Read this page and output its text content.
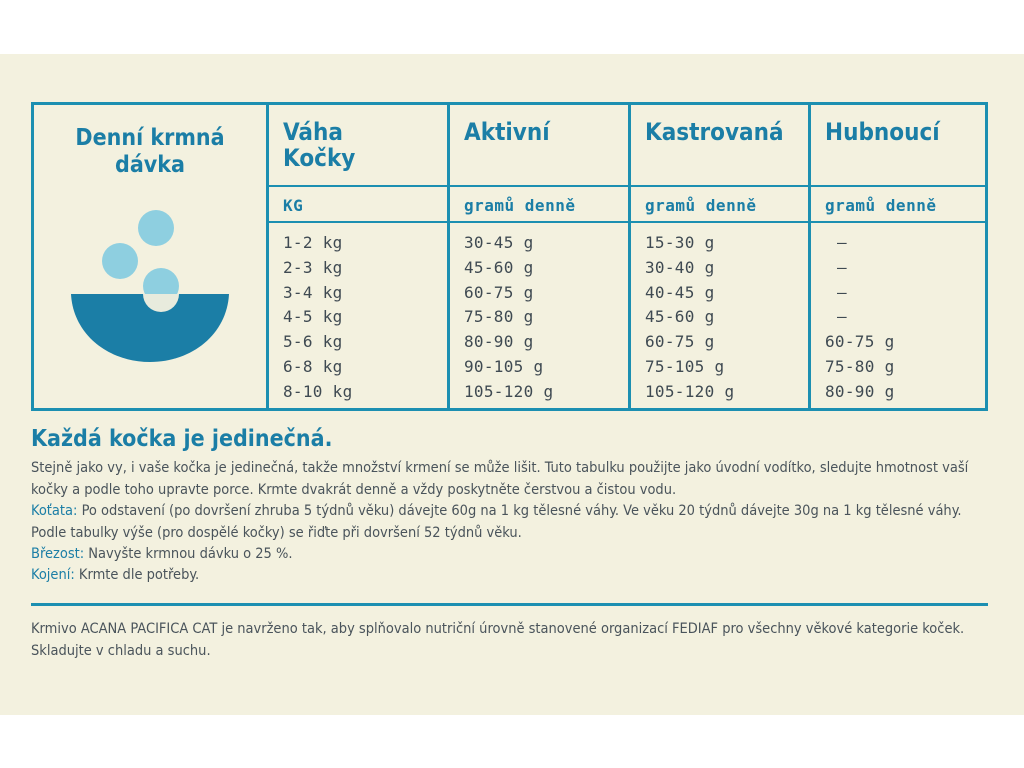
Denní krmná
dávka
Váha
Kočky
KG
1-2 kg
2-3 kg
3-4 kg
4-5 kg
5-6 kg
6-8 kg
8-10 kg
Aktivní
gramů denně
30-45 g
45-60 g
60-75 g
75-80 g
80-90 g
90-105 g
105-120 g
Kastrovaná
gramů denně
15-30 g
30-40 g
40-45 g
45-60 g
60-75 g
75-105 g
105-120 g
Hubnoucí
gramů denně
—
—
—
—
60-75 g
75-80 g
80-90 g
Každá kočka je jedinečná.
Stejně jako vy, i vaše kočka je jedinečná, takže množství krmení se může lišit. Tuto tabulku použijte jako úvodní vodítko, sledujte hmotnost vaší kočky a podle toho upravte porce. Krmte dvakrát denně a vždy poskytněte čerstvou a čistou vodu.
Koťata: Po odstavení (po dovršení zhruba 5 týdnů věku) dávejte 60g na 1 kg tělesné váhy. Ve věku 20 týdnů dávejte 30g na 1 kg tělesné váhy. Podle tabulky výše (pro dospělé kočky) se řiďte při dovršení 52 týdnů věku.
Březost: Navyšte krmnou dávku o 25 %.
Kojení: Krmte dle potřeby.
Krmivo ACANA PACIFICA CAT je navrženo tak, aby splňovalo nutriční úrovně stanovené organizací FEDIAF pro všechny věkové kategorie koček. Skladujte v chladu a suchu.
